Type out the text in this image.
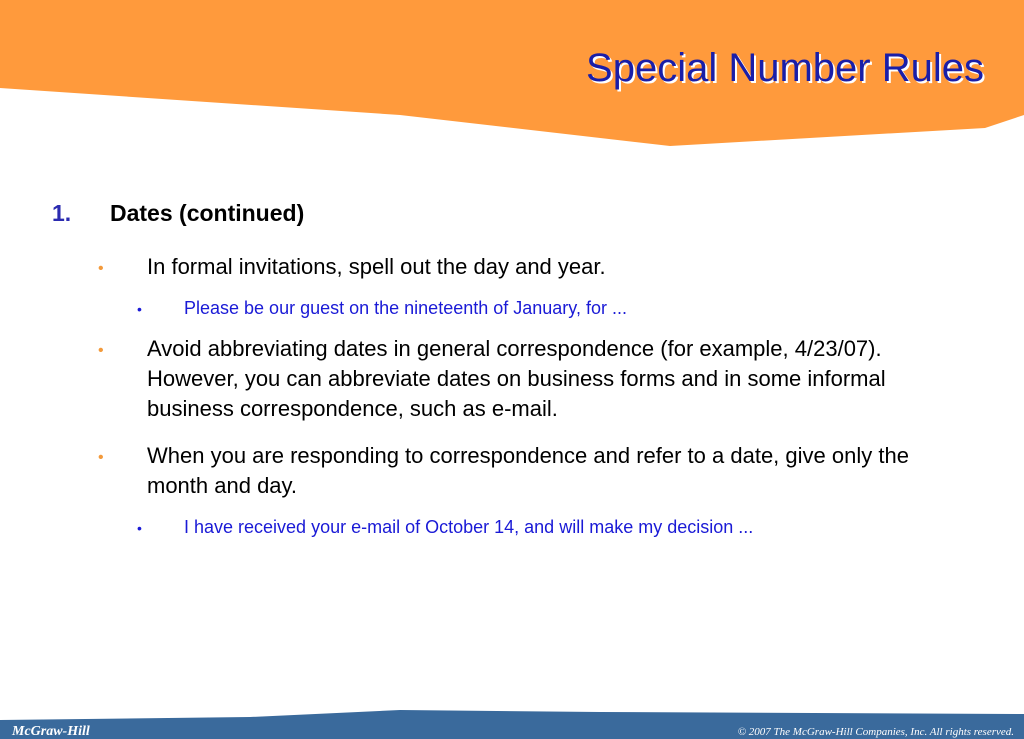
Special Number Rules
1. Dates (continued)
• In formal invitations, spell out the day and year.
• Please be our guest on the nineteenth of January, for ...
• Avoid abbreviating dates in general correspondence (for example, 4/23/07). However, you can abbreviate dates on business forms and in some informal business correspondence, such as e-mail.
• When you are responding to correspondence and refer to a date, give only the month and day.
• I have received your e-mail of October 14, and will make my decision ...
McGraw-Hill	© 2007 The McGraw-Hill Companies, Inc. All rights reserved.
